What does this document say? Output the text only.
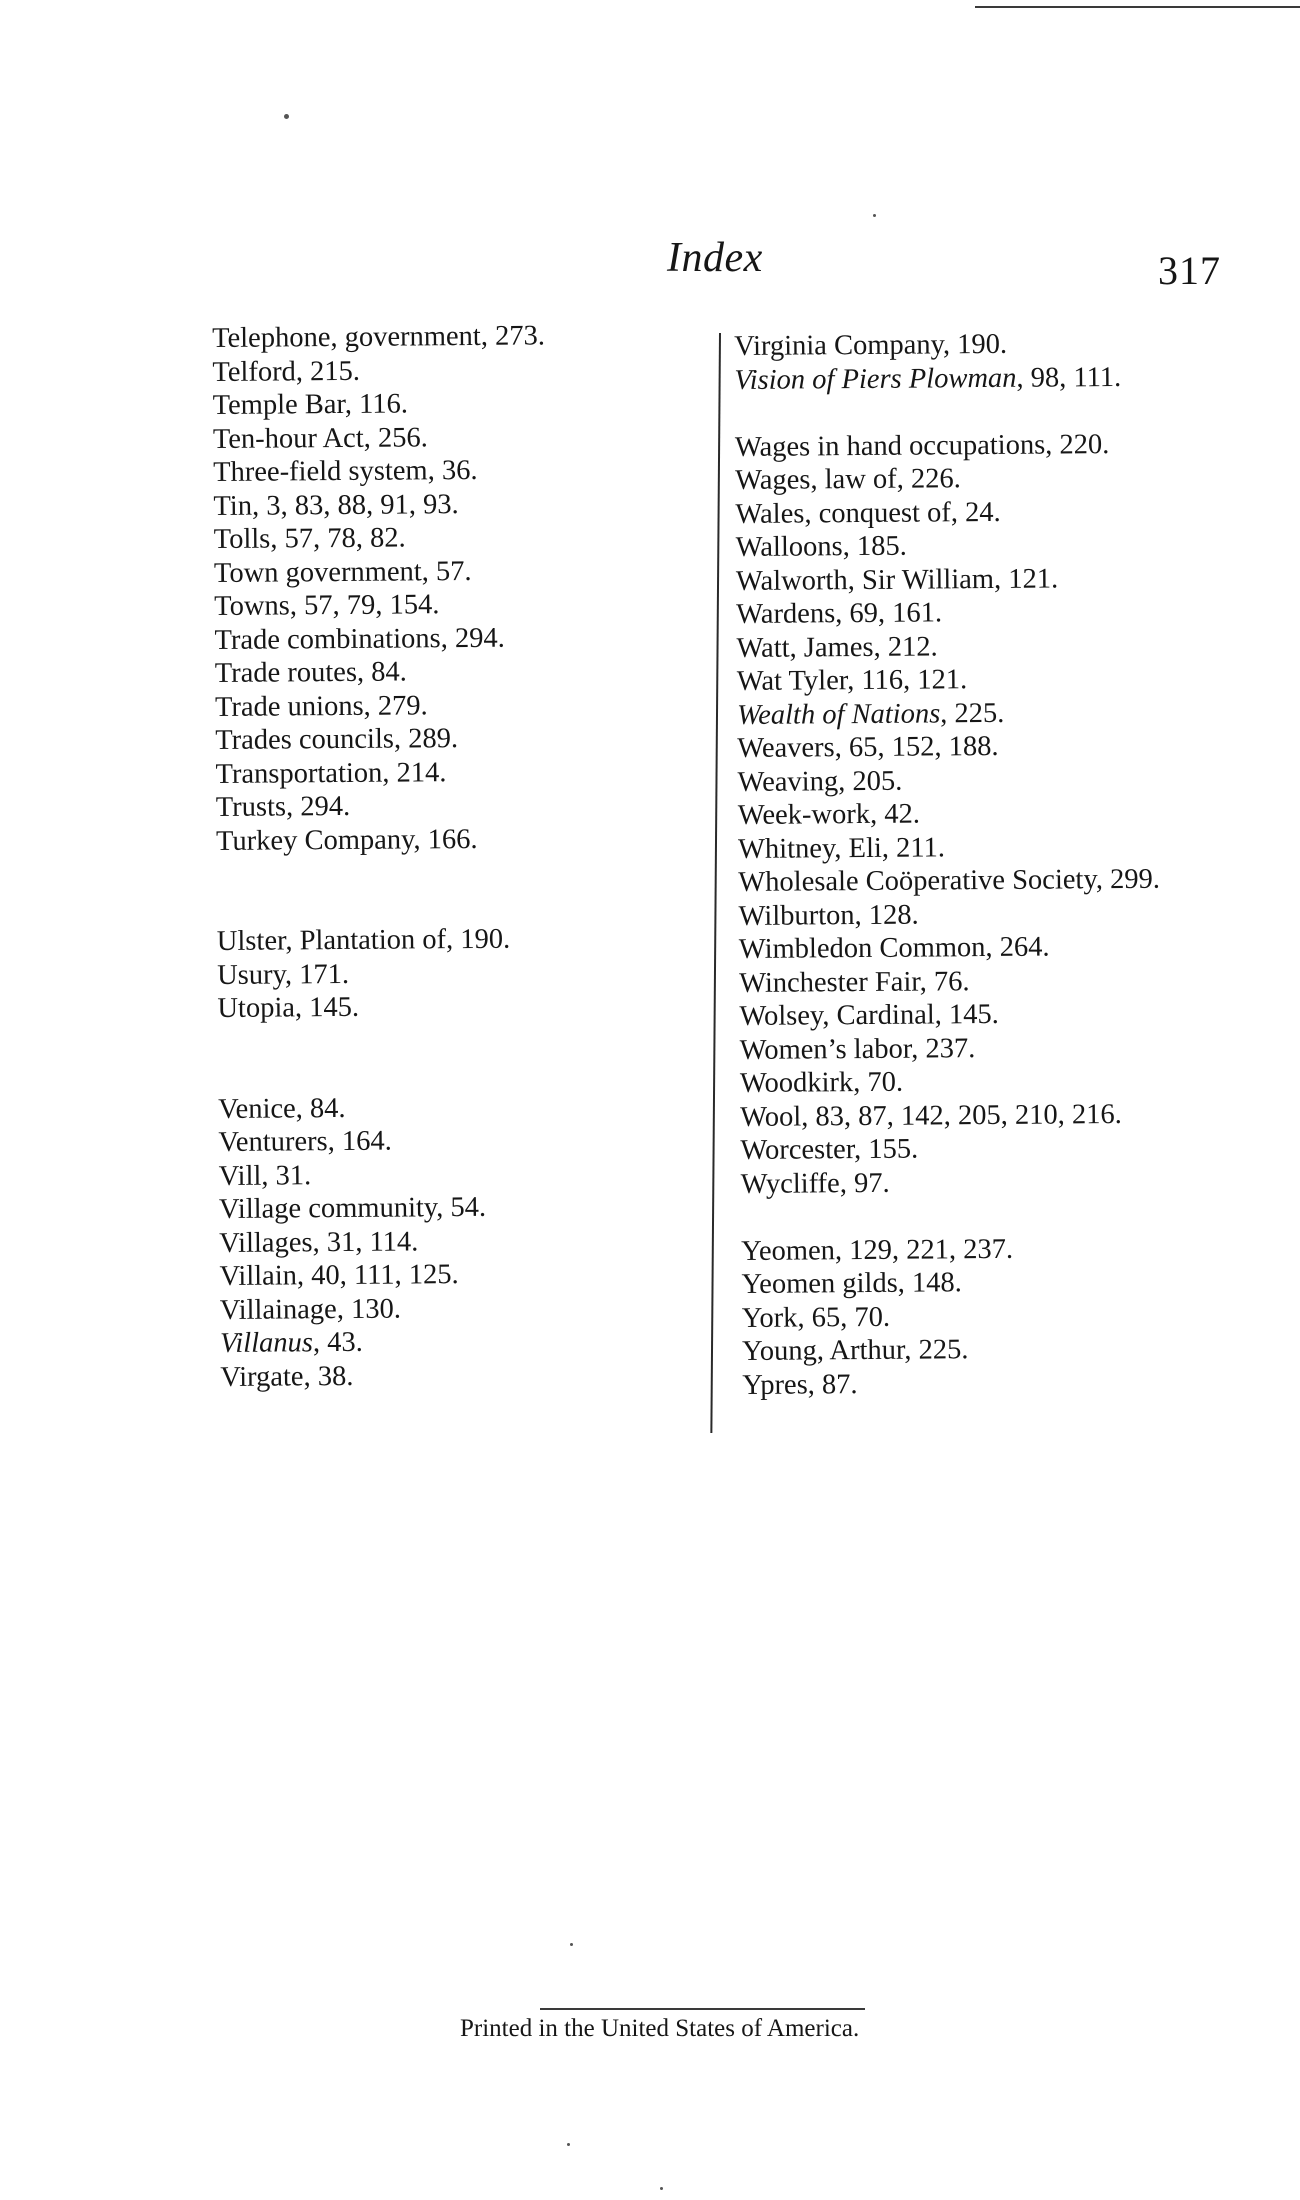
Index	317
Telephone, government, 273.
Telford, 215.
Temple Bar, 116.
Ten-hour Act, 256.
Three-field system, 36.
Tin, 3, 83, 88, 91, 93.
Tolls, 57, 78, 82.
Town government, 57.
Towns, 57, 79, 154.
Trade combinations, 294.
Trade routes, 84.
Trade unions, 279.
Trades councils, 289.
Transportation, 214.
Trusts, 294.
Turkey Company, 166.
Ulster, Plantation of, 190.
Usury, 171.
Utopia, 145.
Venice, 84.
Venturers, 164.
Vill, 31.
Village community, 54.
Villages, 31, 114.
Villain, 40, 111, 125.
Villainage, 130.
Villanus, 43.
Virgate, 38.
Virginia Company, 190.
Vision of Piers Plowman, 98, 111.
Wages in hand occupations, 220.
Wages, law of, 226.
Wales, conquest of, 24.
Walloons, 185.
Walworth, Sir William, 121.
Wardens, 69, 161.
Watt, James, 212.
Wat Tyler, 116, 121.
Wealth of Nations, 225.
Weavers, 65, 152, 188.
Weaving, 205.
Week-work, 42.
Whitney, Eli, 211.
Wholesale Coöperative Society, 299.
Wilburton, 128.
Wimbledon Common, 264.
Winchester Fair, 76.
Wolsey, Cardinal, 145.
Women’s labor, 237.
Woodkirk, 70.
Wool, 83, 87, 142, 205, 210, 216.
Worcester, 155.
Wycliffe, 97.
Yeomen, 129, 221, 237.
Yeomen gilds, 148.
York, 65, 70.
Young, Arthur, 225.
Ypres, 87.
Printed in the United States of America.
